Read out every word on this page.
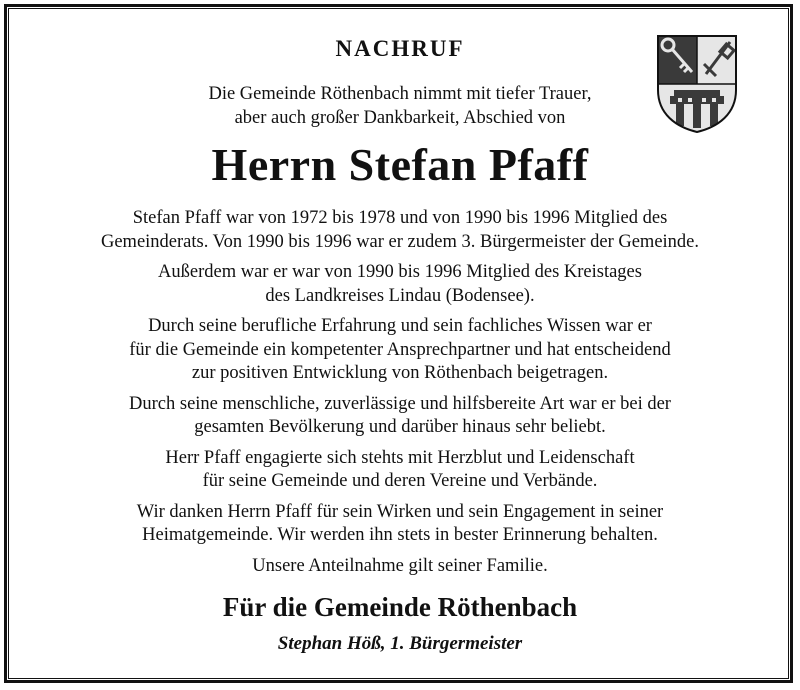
NACHRUF
Die Gemeinde Röthenbach nimmt mit tiefer Trauer,
aber auch großer Dankbarkeit, Abschied von
Herrn Stefan Pfaff
Stefan Pfaff war von 1972 bis 1978 und von 1990 bis 1996 Mitglied des
Gemeinderats. Von 1990 bis 1996 war er zudem 3. Bürgermeister der Gemeinde.
Außerdem war er war von 1990 bis 1996 Mitglied des Kreistages
des Landkreises Lindau (Bodensee).
Durch seine berufliche Erfahrung und sein fachliches Wissen war er
für die Gemeinde ein kompetenter Ansprechpartner und hat entscheidend
zur positiven Entwicklung von Röthenbach beigetragen.
Durch seine menschliche, zuverlässige und hilfsbereite Art war er bei der
gesamten Bevölkerung und darüber hinaus sehr beliebt.
Herr Pfaff engagierte sich stehts mit Herzblut und Leidenschaft
für seine Gemeinde und deren Vereine und Verbände.
Wir danken Herrn Pfaff für sein Wirken und sein Engagement in seiner
Heimatgemeinde. Wir werden ihn stets in bester Erinnerung behalten.
Unsere Anteilnahme gilt seiner Familie.
Für die Gemeinde Röthenbach
Stephan Höß, 1. Bürgermeister
